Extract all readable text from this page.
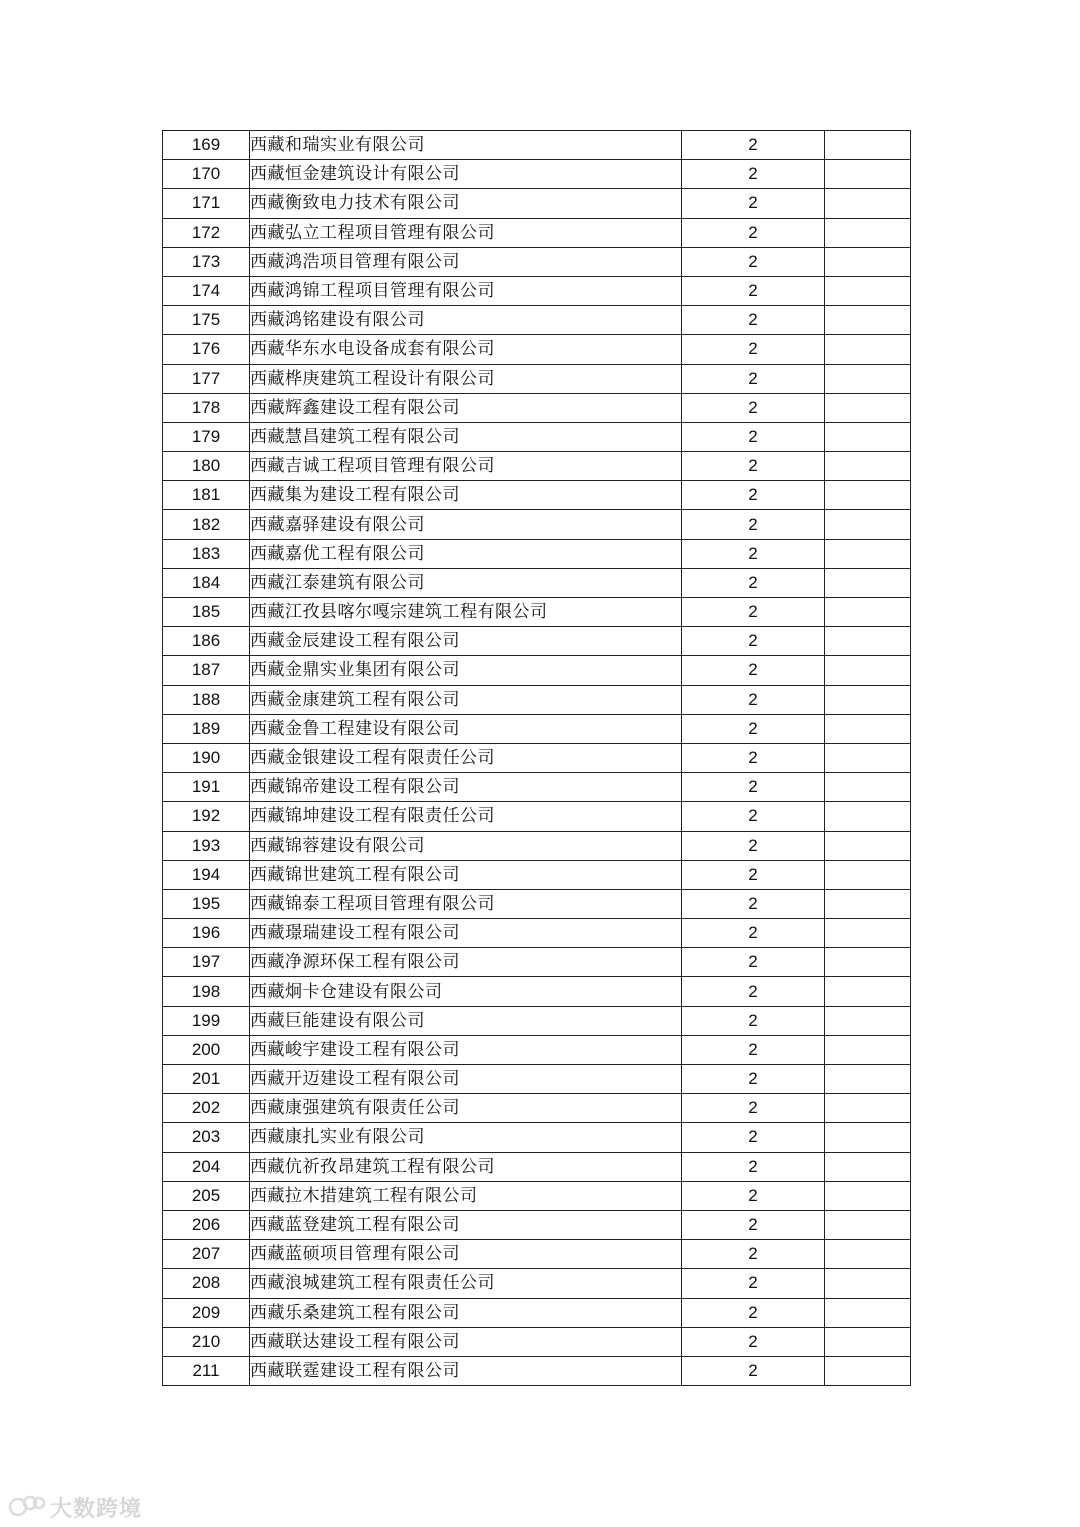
169	西藏和瑞实业有限公司	2	
170	西藏恒金建筑设计有限公司	2	
171	西藏衡致电力技术有限公司	2	
172	西藏弘立工程项目管理有限公司	2	
173	西藏鸿浩项目管理有限公司	2	
174	西藏鸿锦工程项目管理有限公司	2	
175	西藏鸿铭建设有限公司	2	
176	西藏华东水电设备成套有限公司	2	
177	西藏桦庚建筑工程设计有限公司	2	
178	西藏辉鑫建设工程有限公司	2	
179	西藏慧昌建筑工程有限公司	2	
180	西藏吉诚工程项目管理有限公司	2	
181	西藏集为建设工程有限公司	2	
182	西藏嘉驿建设有限公司	2	
183	西藏嘉优工程有限公司	2	
184	西藏江泰建筑有限公司	2	
185	西藏江孜县喀尔嘎宗建筑工程有限公司	2	
186	西藏金辰建设工程有限公司	2	
187	西藏金鼎实业集团有限公司	2	
188	西藏金康建筑工程有限公司	2	
189	西藏金鲁工程建设有限公司	2	
190	西藏金银建设工程有限责任公司	2	
191	西藏锦帝建设工程有限公司	2	
192	西藏锦坤建设工程有限责任公司	2	
193	西藏锦蓉建设有限公司	2	
194	西藏锦世建筑工程有限公司	2	
195	西藏锦泰工程项目管理有限公司	2	
196	西藏璟瑞建设工程有限公司	2	
197	西藏净源环保工程有限公司	2	
198	西藏炯卡仓建设有限公司	2	
199	西藏巨能建设有限公司	2	
200	西藏峻宇建设工程有限公司	2	
201	西藏开迈建设工程有限公司	2	
202	西藏康强建筑有限责任公司	2	
203	西藏康扎实业有限公司	2	
204	西藏伉祈孜昂建筑工程有限公司	2	
205	西藏拉木措建筑工程有限公司	2	
206	西藏蓝登建筑工程有限公司	2	
207	西藏蓝硕项目管理有限公司	2	
208	西藏浪城建筑工程有限责任公司	2	
209	西藏乐桑建筑工程有限公司	2	
210	西藏联达建设工程有限公司	2	
211	西藏联霆建设工程有限公司	2	
大数跨境
